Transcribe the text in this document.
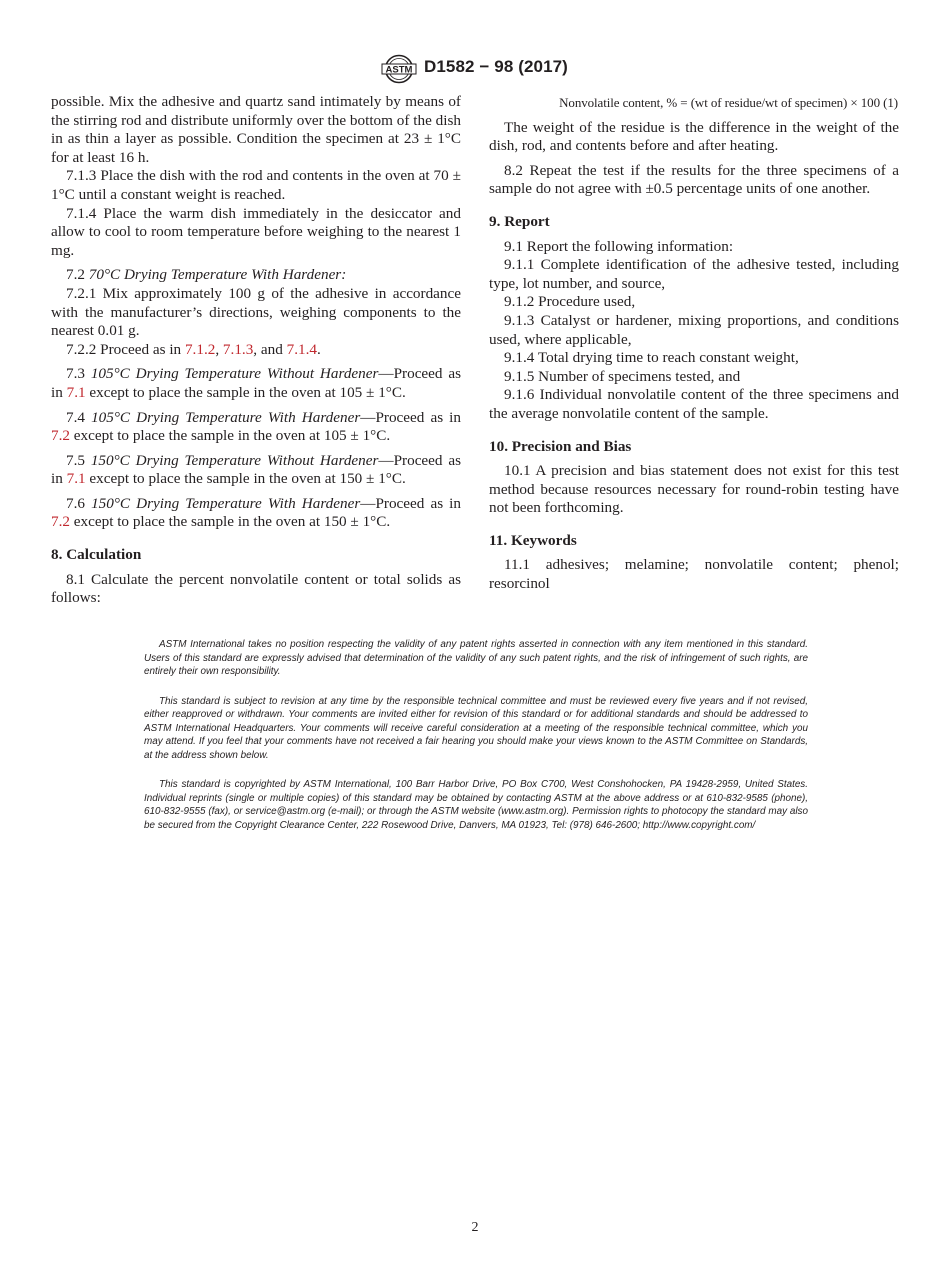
ASTM D1582 − 98 (2017)

possible. Mix the adhesive and quartz sand intimately by means of the stirring rod and distribute uniformly over the bottom of the dish in as thin a layer as possible. Condition the specimen at 23 ± 1°C for at least 16 h.

7.1.3 Place the dish with the rod and contents in the oven at 70 ± 1°C until a constant weight is reached.

7.1.4 Place the warm dish immediately in the desiccator and allow to cool to room temperature before weighing to the nearest 1 mg.

7.2 70°C Drying Temperature With Hardener:

7.2.1 Mix approximately 100 g of the adhesive in accordance with the manufacturer’s directions, weighing components to the nearest 0.01 g.

7.2.2 Proceed as in 7.1.2, 7.1.3, and 7.1.4.

7.3 105°C Drying Temperature Without Hardener—Proceed as in 7.1 except to place the sample in the oven at 105 ± 1°C.

7.4 105°C Drying Temperature With Hardener—Proceed as in 7.2 except to place the sample in the oven at 105 ± 1°C.

7.5 150°C Drying Temperature Without Hardener—Proceed as in 7.1 except to place the sample in the oven at 150 ± 1°C.

7.6 150°C Drying Temperature With Hardener—Proceed as in 7.2 except to place the sample in the oven at 150 ± 1°C.

8. Calculation

8.1 Calculate the percent nonvolatile content or total solids as follows:

Nonvolatile content, % = (wt of residue/wt of specimen) × 100 (1)

The weight of the residue is the difference in the weight of the dish, rod, and contents before and after heating.

8.2 Repeat the test if the results for the three specimens of a sample do not agree with ±0.5 percentage units of one another.

9. Report

9.1 Report the following information:

9.1.1 Complete identification of the adhesive tested, including type, lot number, and source,

9.1.2 Procedure used,

9.1.3 Catalyst or hardener, mixing proportions, and conditions used, where applicable,

9.1.4 Total drying time to reach constant weight,

9.1.5 Number of specimens tested, and

9.1.6 Individual nonvolatile content of the three specimens and the average nonvolatile content of the sample.

10. Precision and Bias

10.1 A precision and bias statement does not exist for this test method because resources necessary for round-robin testing have not been forthcoming.

11. Keywords

11.1 adhesives; melamine; nonvolatile content; phenol; resorcinol

ASTM International takes no position respecting the validity of any patent rights asserted in connection with any item mentioned in this standard. Users of this standard are expressly advised that determination of the validity of any such patent rights, and the risk of infringement of such rights, are entirely their own responsibility.

This standard is subject to revision at any time by the responsible technical committee and must be reviewed every five years and if not revised, either reapproved or withdrawn. Your comments are invited either for revision of this standard or for additional standards and should be addressed to ASTM International Headquarters. Your comments will receive careful consideration at a meeting of the responsible technical committee, which you may attend. If you feel that your comments have not received a fair hearing you should make your views known to the ASTM Committee on Standards, at the address shown below.

This standard is copyrighted by ASTM International, 100 Barr Harbor Drive, PO Box C700, West Conshohocken, PA 19428-2959, United States. Individual reprints (single or multiple copies) of this standard may be obtained by contacting ASTM at the above address or at 610-832-9585 (phone), 610-832-9555 (fax), or service@astm.org (e-mail); or through the ASTM website (www.astm.org). Permission rights to photocopy the standard may also be secured from the Copyright Clearance Center, 222 Rosewood Drive, Danvers, MA 01923, Tel: (978) 646-2600; http://www.copyright.com/

2
